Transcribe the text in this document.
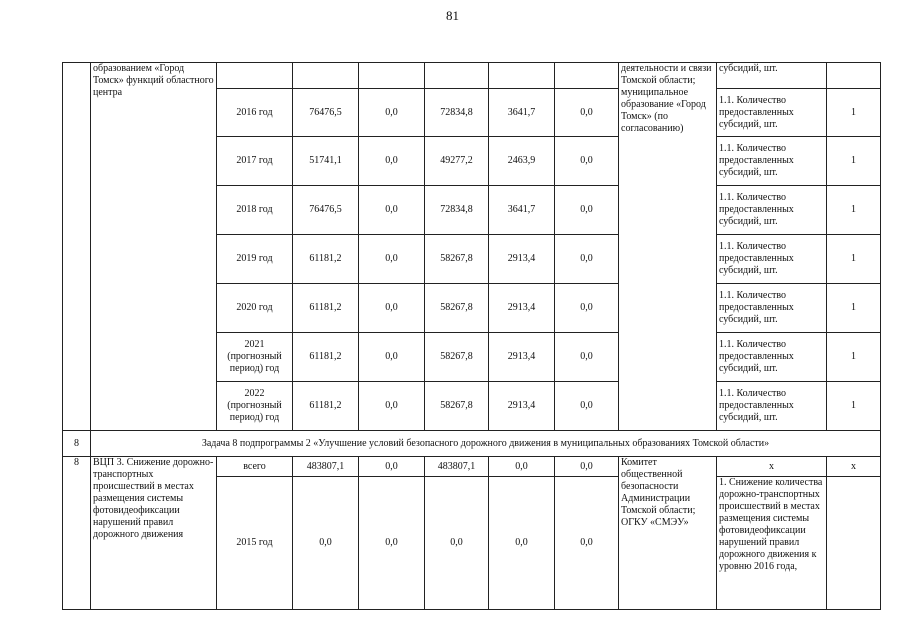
81
	образованием «Город Томск» функций областного центра							деятельности и связи Томской области; муниципальное образование «Город Томск» (по согласованию)	субсидий, шт.	
		2016 год	76476,5	0,0	72834,8	3641,7	0,0		1.1. Количество предоставленных субсидий, шт.	1
		2017 год	51741,1	0,0	49277,2	2463,9	0,0		1.1. Количество предоставленных субсидий, шт.	1
		2018 год	76476,5	0,0	72834,8	3641,7	0,0		1.1. Количество предоставленных субсидий, шт.	1
		2019 год	61181,2	0,0	58267,8	2913,4	0,0		1.1. Количество предоставленных субсидий, шт.	1
		2020 год	61181,2	0,0	58267,8	2913,4	0,0		1.1. Количество предоставленных субсидий, шт.	1
		2021 (прогнозный период) год	61181,2	0,0	58267,8	2913,4	0,0		1.1. Количество предоставленных субсидий, шт.	1
		2022 (прогнозный период) год	61181,2	0,0	58267,8	2913,4	0,0		1.1. Количество предоставленных субсидий, шт.	1
8	Задача 8 подпрограммы 2 «Улучшение условий безопасного дорожного движения в муниципальных образованиях Томской области»									
8	ВЦП 3. Снижение дорожно-транспортных происшествий в местах размещения системы фотовидеофиксации нарушений правил дорожного движения	всего	483807,1	0,0	483807,1	0,0	0,0	Комитет общественной безопасности Администрации Томской области; ОГКУ «СМЭУ»	x	x
		2015 год	0,0	0,0	0,0	0,0	0,0		1. Снижение количества дорожно-транспортных происшествий в местах размещения системы фотовидеофиксации нарушений правил дорожного движения к уровню 2016 года,	
